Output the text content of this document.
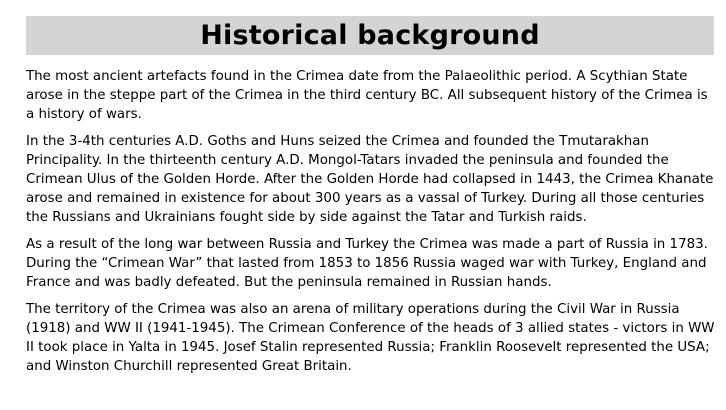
Historical background

The most ancient artefacts found in the Crimea date from the Palaeolithic period. A Scythian State arose in the steppe part of the Crimea in the third century BC. All subsequent history of the Crimea is a history of wars.

In the 3-4th centuries A.D. Goths and Huns seized the Crimea and founded the Tmutarakhan Principality. In the thirteenth century A.D. Mongol-Tatars invaded the peninsula and founded the Crimean Ulus of the Golden Horde. After the Golden Horde had collapsed in 1443, the Crimea Khanate arose and remained in existence for about 300 years as a vassal of Turkey. During all those centuries the Russians and Ukrainians fought side by side against the Tatar and Turkish raids.

As a result of the long war between Russia and Turkey the Crimea was made a part of Russia in 1783. During the “Crimean War” that lasted from 1853 to 1856 Russia waged war with Turkey, England and France and was badly defeated. But the peninsula remained in Russian hands.

The territory of the Crimea was also an arena of military operations during the Civil War in Russia (1918) and WW II (1941-1945). The Crimean Conference of the heads of 3 allied states - victors in WW II took place in Yalta in 1945. Josef Stalin represented Russia; Franklin Roosevelt represented the USA; and Winston Churchill represented Great Britain.
